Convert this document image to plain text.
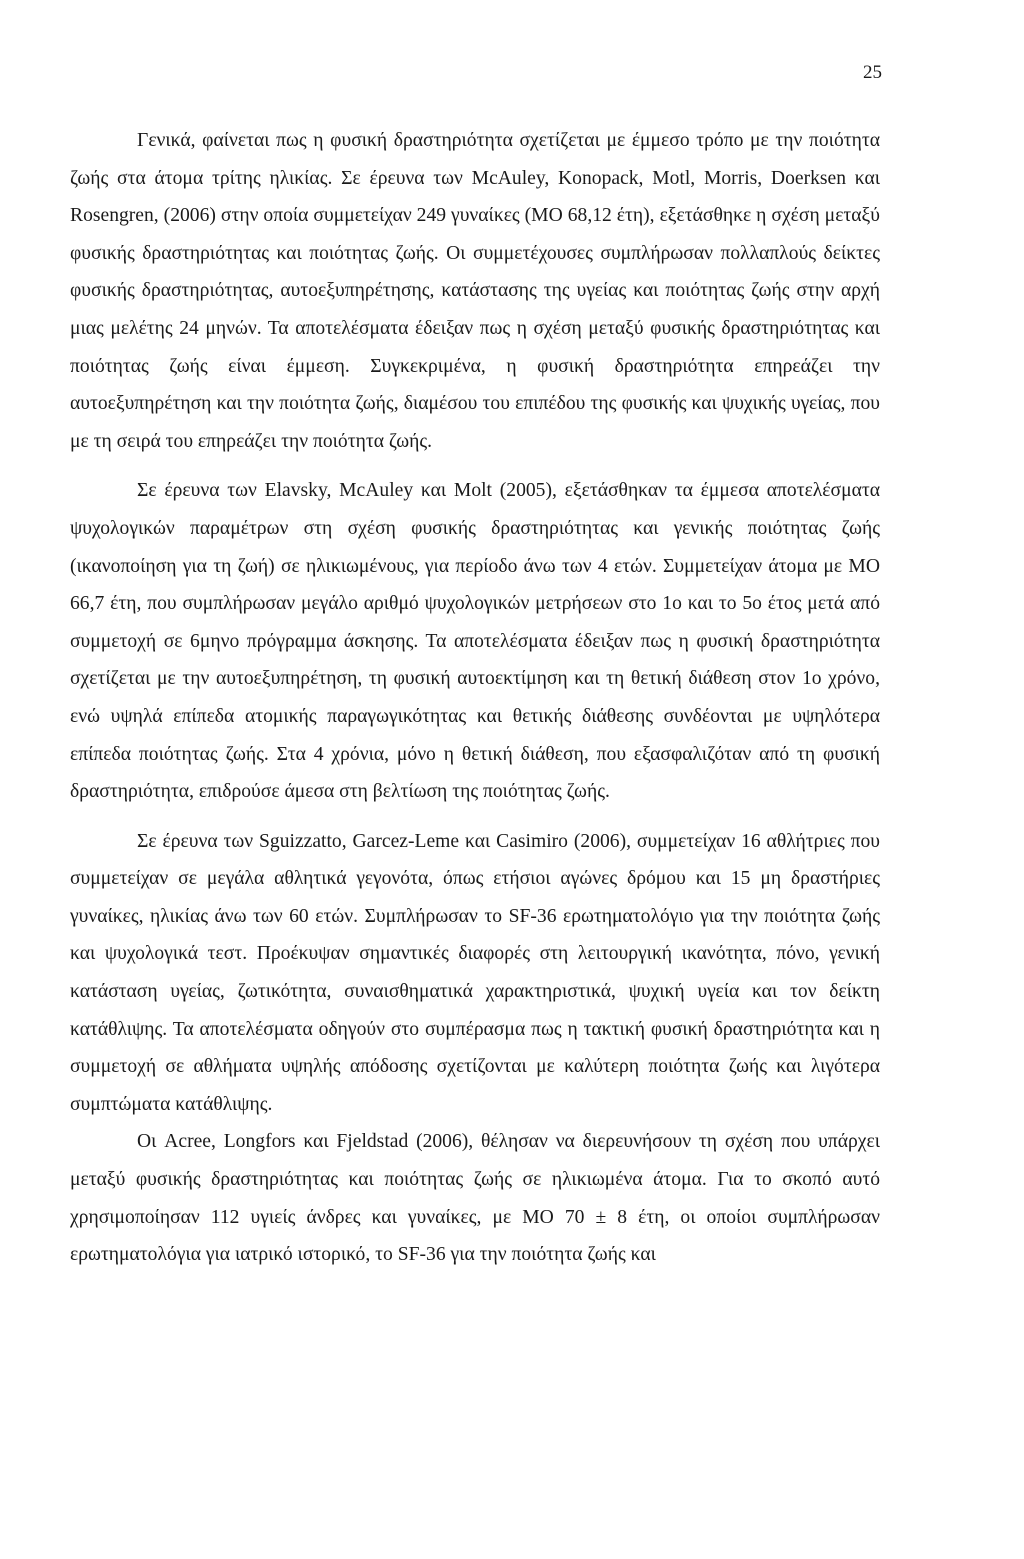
25

Γενικά, φαίνεται πως η φυσική δραστηριότητα σχετίζεται με έμμεσο τρόπο με την ποιότητα ζωής στα άτομα τρίτης ηλικίας. Σε έρευνα των McAuley, Konopack, Motl, Morris, Doerksen και Rosengren, (2006) στην οποία συμμετείχαν 249 γυναίκες (ΜΟ 68,12 έτη), εξετάσθηκε η σχέση μεταξύ φυσικής δραστηριότητας και ποιότητας ζωής. Οι συμμετέχουσες συμπλήρωσαν πολλαπλούς δείκτες φυσικής δραστηριότητας, αυτοεξυπηρέτησης, κατάστασης της υγείας και ποιότητας ζωής στην αρχή μιας μελέτης 24 μηνών. Τα αποτελέσματα έδειξαν πως η σχέση μεταξύ φυσικής δραστηριότητας και ποιότητας ζωής είναι έμμεση. Συγκεκριμένα, η φυσική δραστηριότητα επηρεάζει την αυτοεξυπηρέτηση και την ποιότητα ζωής, διαμέσου του επιπέδου της φυσικής και ψυχικής υγείας, που με τη σειρά του επηρεάζει την ποιότητα ζωής.

Σε έρευνα των Elavsky, McAuley και Molt (2005), εξετάσθηκαν τα έμμεσα αποτελέσματα ψυχολογικών παραμέτρων στη σχέση φυσικής δραστηριότητας και γενικής ποιότητας ζωής (ικανοποίηση για τη ζωή) σε ηλικιωμένους, για περίοδο άνω των 4 ετών. Συμμετείχαν άτομα με ΜΟ 66,7 έτη, που συμπλήρωσαν μεγάλο αριθμό ψυχολογικών μετρήσεων στο 1ο και το 5ο έτος μετά από συμμετοχή σε 6μηνο πρόγραμμα άσκησης. Τα αποτελέσματα έδειξαν πως η φυσική δραστηριότητα σχετίζεται με την αυτοεξυπηρέτηση, τη φυσική αυτοεκτίμηση και τη θετική διάθεση στον 1ο χρόνο, ενώ υψηλά επίπεδα ατομικής παραγωγικότητας και θετικής διάθεσης συνδέονται με υψηλότερα επίπεδα ποιότητας ζωής. Στα 4 χρόνια, μόνο η θετική διάθεση, που εξασφαλιζόταν από τη φυσική δραστηριότητα, επιδρούσε άμεσα στη βελτίωση της ποιότητας ζωής.

Σε έρευνα των Sguizzatto, Garcez-Leme και Casimiro (2006), συμμετείχαν 16 αθλήτριες που συμμετείχαν σε μεγάλα αθλητικά γεγονότα, όπως ετήσιοι αγώνες δρόμου και 15 μη δραστήριες γυναίκες, ηλικίας άνω των 60 ετών. Συμπλήρωσαν το SF-36 ερωτηματολόγιο για την ποιότητα ζωής και ψυχολογικά τεστ. Προέκυψαν σημαντικές διαφορές στη λειτουργική ικανότητα, πόνο, γενική κατάσταση υγείας, ζωτικότητα, συναισθηματικά χαρακτηριστικά, ψυχική υγεία και τον δείκτη κατάθλιψης. Τα αποτελέσματα οδηγούν στο συμπέρασμα πως η τακτική φυσική δραστηριότητα και η συμμετοχή σε αθλήματα υψηλής απόδοσης σχετίζονται με καλύτερη ποιότητα ζωής και λιγότερα συμπτώματα κατάθλιψης.

Οι Acree, Longfors και Fjeldstad (2006), θέλησαν να διερευνήσουν τη σχέση που υπάρχει μεταξύ φυσικής δραστηριότητας και ποιότητας ζωής σε ηλικιωμένα άτομα. Για το σκοπό αυτό χρησιμοποίησαν 112 υγιείς άνδρες και γυναίκες, με ΜΟ 70 ± 8 έτη, οι οποίοι συμπλήρωσαν ερωτηματολόγια για ιατρικό ιστορικό, το SF-36 για την ποιότητα ζωής και
